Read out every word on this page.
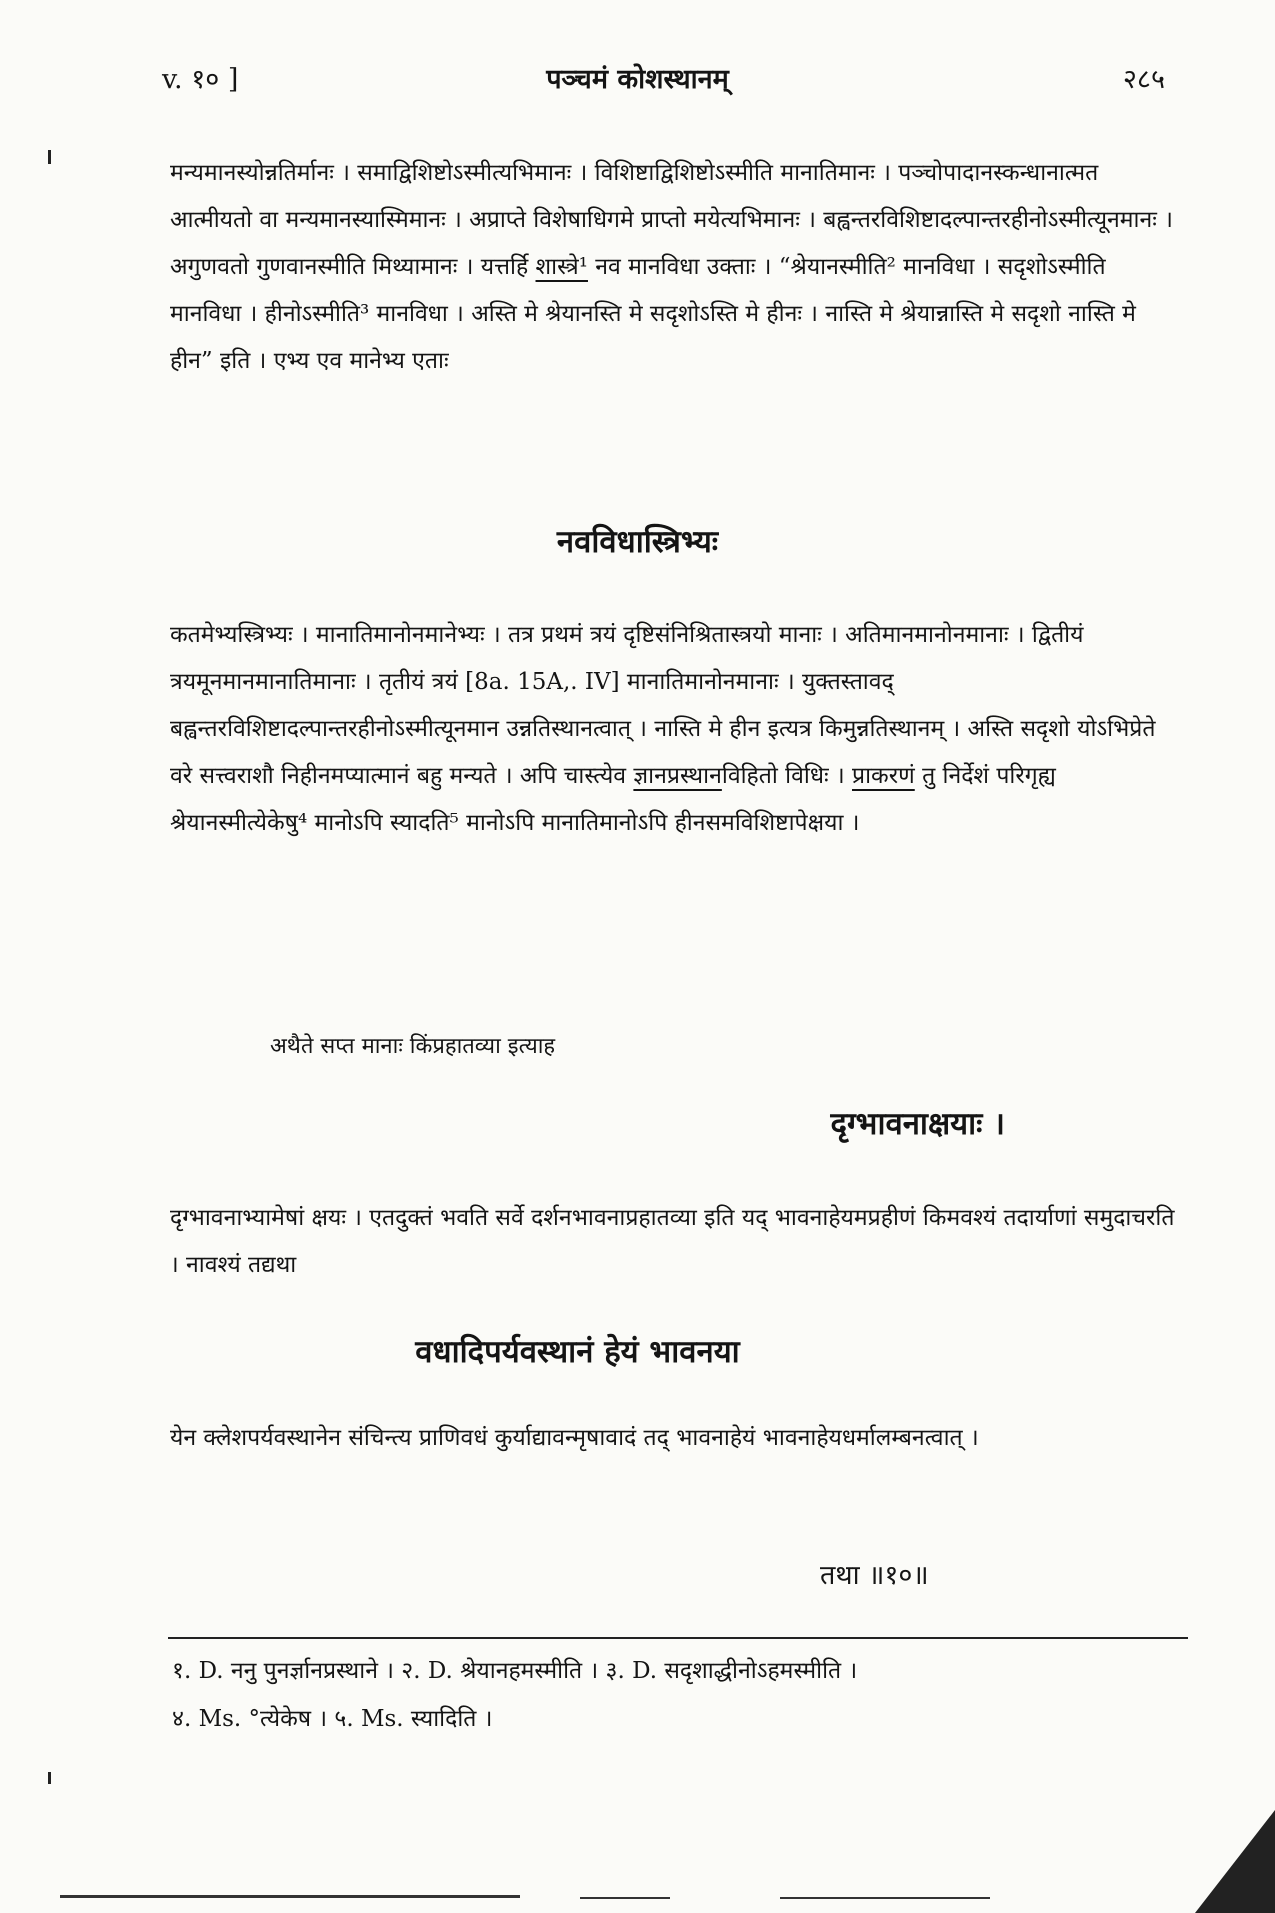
v. १० ]	पञ्चमं कोशस्थानम्	२८५
मन्यमानस्योन्नतिर्मानः । समाद्विशिष्टोऽस्मीत्यभिमानः । विशिष्टाद्विशिष्टोऽस्मीति मानातिमानः । पञ्चोपादानस्कन्धानात्मत आत्मीयतो वा मन्यमानस्यास्मिमानः । अप्राप्ते विशेषाधिगमे प्राप्तो मयेत्यभिमानः । बह्वन्तरविशिष्टादल्पान्तरहीनोऽस्मीत्यूनमानः । अगुणवतो गुणवानस्मीति मिथ्यामानः । यत्तर्हि शास्त्रे¹ नव मानविधा उक्ताः । “श्रेयानस्मीति² मानविधा । सदृशोऽस्मीति मानविधा । हीनोऽस्मीति³ मानविधा । अस्ति मे श्रेयानस्ति मे सदृशोऽस्ति मे हीनः । नास्ति मे श्रेयान्नास्ति मे सदृशो नास्ति मे हीन” इति । एभ्य एव मानेभ्य एताः
नवविधास्त्रिभ्यः
कतमेभ्यस्त्रिभ्यः । मानातिमानोनमानेभ्यः । तत्र प्रथमं त्रयं दृष्टिसंनिश्रितास्त्रयो मानाः । अतिमानमानोनमानाः । द्वितीयं त्रयमूनमानमानातिमानाः । तृतीयं त्रयं [8a. 15A,. IV] मानातिमानोनमानाः । युक्तस्तावद् बह्वन्तरविशिष्टादल्पान्तरहीनोऽस्मीत्यूनमान उन्नतिस्थानत्वात् । नास्ति मे हीन इत्यत्र किमुन्नतिस्थानम् । अस्ति सदृशो योऽभिप्रेते वरे सत्त्वराशौ निहीनमप्यात्मानं बहु मन्यते । अपि चास्त्येव ज्ञानप्रस्थानविहितो विधिः । प्राकरणं तु निर्देशं परिगृह्य श्रेयानस्मीत्येकेषु⁴ मानोऽपि स्यादति⁵ मानोऽपि मानातिमानोऽपि हीनसमविशिष्टापेक्षया ।
अथैते सप्त मानाः किंप्रहातव्या इत्याह
दृग्भावनाक्षयाः ।
दृग्भावनाभ्यामेषां क्षयः । एतदुक्तं भवति सर्वे दर्शनभावनाप्रहातव्या इति यद् भावनाहेयमप्रहीणं किमवश्यं तदार्याणां समुदाचरति । नावश्यं तद्यथा
वधादिपर्यवस्थानं हेयं भावनया
येन क्लेशपर्यवस्थानेन संचिन्त्य प्राणिवधं कुर्याद्यावन्मृषावादं तद् भावनाहेयं भावनाहेयधर्मालम्बनत्वात् ।
तथा ॥१०॥
१. D. ननु पुनर्ज्ञानप्रस्थाने । २. D. श्रेयानहमस्मीति । ३. D. सदृशाद्धीनोऽहमस्मीति ।
४. Ms. °त्येकेष । ५. Ms. स्यादिति ।
